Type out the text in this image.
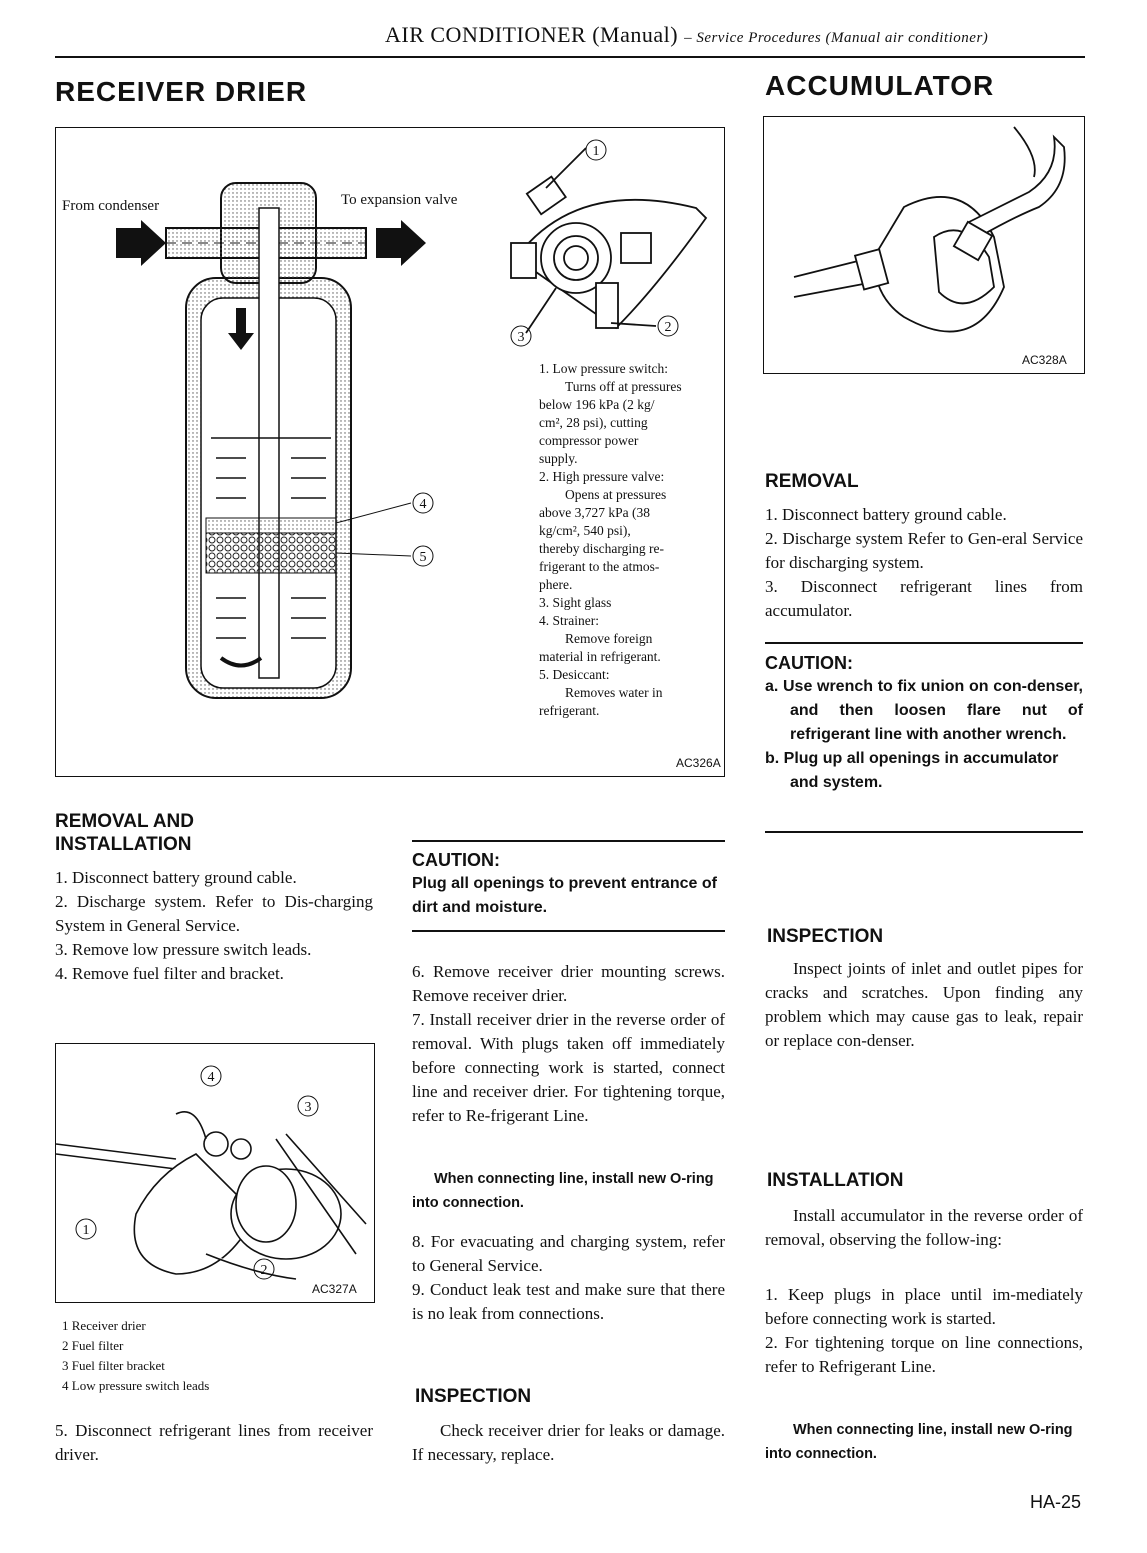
AIR CONDITIONER (Manual) – Service Procedures (Manual air conditioner)
RECEIVER DRIER	ACCUMULATOR
1
2
3
4
5
From condenser	To expansion valve
1. Low pressure switch:
Turns off at pressures
below 196 kPa (2 kg/
cm², 28 psi), cutting
compressor power
supply.
2. High pressure valve:
Opens at pressures
above 3,727 kPa (38
kg/cm², 540 psi),
thereby discharging re-
frigerant to the atmos-
phere.
3. Sight glass
4. Strainer:
Remove foreign
material in refrigerant.
5. Desiccant:
Removes water in
refrigerant.
AC326A
AC328A
REMOVAL AND
INSTALLATION

1. Disconnect battery ground cable.

2. Discharge system. Refer to Dis-charging System in General Service.

3. Remove low pressure switch leads.

4. Remove fuel filter and bracket.

4
3
1
2
AC327A
1 Receiver drier
2 Fuel filter
3 Fuel filter bracket
4 Low pressure switch leads
5. Disconnect refrigerant lines from receiver driver.
CAUTION:
Plug all openings to prevent entrance of dirt and moisture.

6. Remove receiver drier mounting screws. Remove receiver drier.

7. Install receiver drier in the reverse order of removal. With plugs taken off immediately before connecting work is started, connect line and receiver drier. For tightening torque, refer to Re-frigerant Line.

When connecting line, install new O-ring into connection.

8. For evacuating and charging system, refer to General Service.

9. Conduct leak test and make sure that there is no leak from connections.

INSPECTION
Check receiver drier for leaks or damage. If necessary, replace.
REMOVAL

1. Disconnect battery ground cable.

2. Discharge system Refer to Gen-eral Service for discharging system.

3. Disconnect refrigerant lines from accumulator.

CAUTION:
a. Use wrench to fix union on con-denser, and then loosen flare nut of refrigerant line with another wrench.
b. Plug up all openings in accumulator and system.
INSPECTION
Inspect joints of inlet and outlet pipes for cracks and scratches. Upon finding any problem which may cause gas to leak, repair or replace con-denser.
INSTALLATION
Install accumulator in the reverse order of removal, observing the follow-ing:

1. Keep plugs in place until im-mediately before connecting work is started.

2. For tightening torque on line connections, refer to Refrigerant Line.

When connecting line, install new O-ring into connection.
HA-25
